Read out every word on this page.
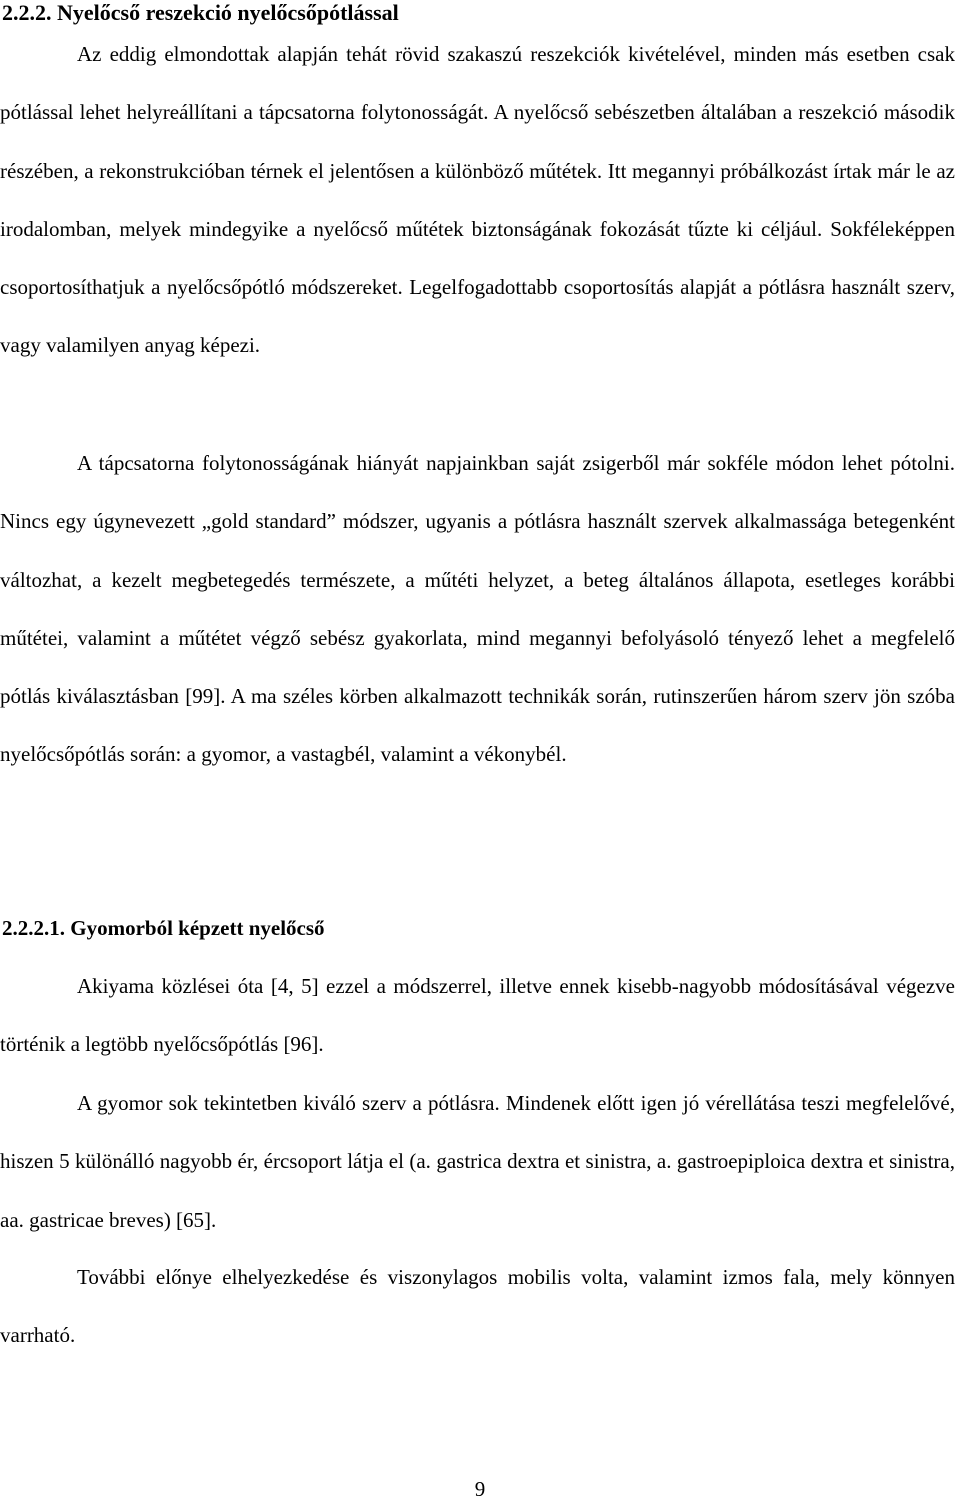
2.2.2. Nyelőcső reszekció nyelőcsőpótlással

Az eddig elmondottak alapján tehát rövid szakaszú reszekciók kivételével, minden más esetben csak pótlással lehet helyreállítani a tápcsatorna folytonosságát. A nyelőcső sebészetben általában a reszekció második részében, a rekonstrukcióban térnek el jelentősen a különböző műtétek. Itt megannyi próbálkozást írtak már le az irodalomban, melyek mindegyike a nyelőcső műtétek biztonságának fokozását tűzte ki céljául. Sokféleképpen csoportosíthatjuk a nyelőcsőpótló módszereket. Legelfogadottabb csoportosítás alapját a pótlásra használt szerv, vagy valamilyen anyag képezi.

A tápcsatorna folytonosságának hiányát napjainkban saját zsigerből már sokféle módon lehet pótolni. Nincs egy úgynevezett „gold standard” módszer, ugyanis a pótlásra használt szervek alkalmassága betegenként változhat, a kezelt megbetegedés természete, a műtéti helyzet, a beteg általános állapota, esetleges korábbi műtétei, valamint a műtétet végző sebész gyakorlata, mind megannyi befolyásoló tényező lehet a megfelelő pótlás kiválasztásban [99]. A ma széles körben alkalmazott technikák során, rutinszerűen három szerv jön szóba nyelőcsőpótlás során: a gyomor, a vastagbél, valamint a vékonybél.

2.2.2.1. Gyomorból képzett nyelőcső

Akiyama közlései óta [4, 5] ezzel a módszerrel, illetve ennek kisebb-nagyobb módosításával végezve történik a legtöbb nyelőcsőpótlás [96].

A gyomor sok tekintetben kiváló szerv a pótlásra. Mindenek előtt igen jó vérellátása teszi megfelelővé, hiszen 5 különálló nagyobb ér, ércsoport látja el (a. gastrica dextra et sinistra, a. gastroepiploica dextra et sinistra, aa. gastricae breves) [65].

További előnye elhelyezkedése és viszonylagos mobilis volta, valamint izmos fala, mely könnyen varrható.

9
